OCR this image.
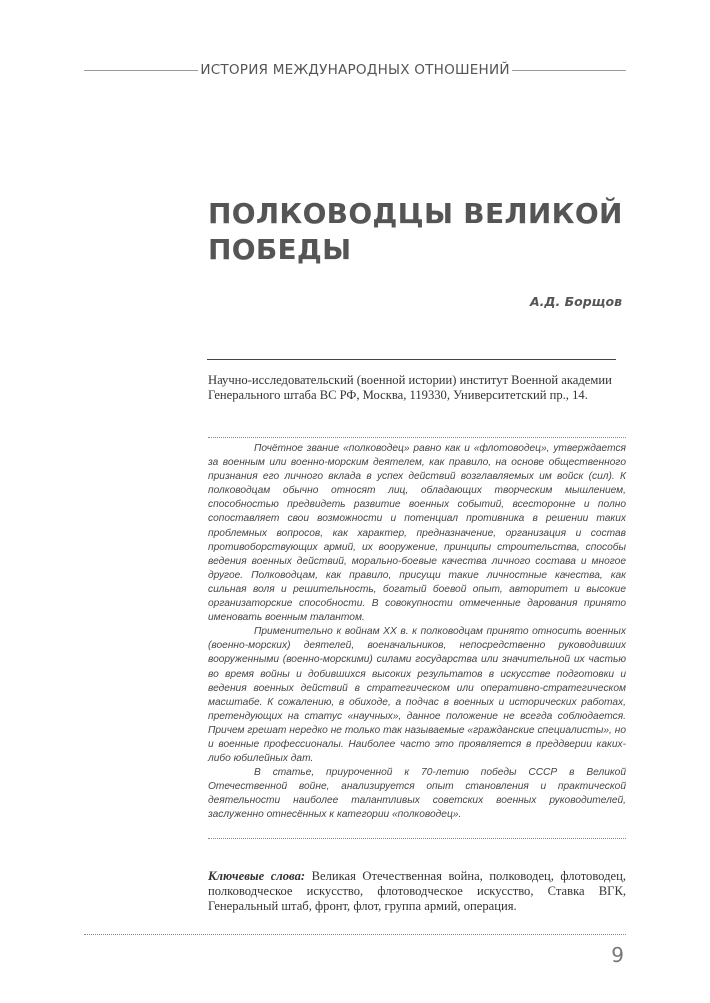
ИСТОРИЯ МЕЖДУНАРОДНЫХ ОТНОШЕНИЙ
ПОЛКОВОДЦЫ ВЕЛИКОЙ
ПОБЕДЫ
А.Д. Борщов
Научно-исследовательский (военной истории) институт Военной академии Генерального штаба ВС РФ, Москва, 119330, Университетский пр., 14.

Почётное звание «полководец» равно как и «флотоводец», утверждается за военным или военно-морским деятелем, как правило, на основе общественного признания его личного вклада в успех действий возглавляемых им войск (сил). К полководцам обычно относят лиц, обладающих творческим мышлением, способностью предвидеть развитие военных событий, всесторонне и полно сопоставляет свои возможности и потенциал противника в решении таких проблемных вопросов, как характер, предназначение, организация и состав противоборствующих армий, их вооружение, принципы строительства, способы ведения военных действий, морально-боевые качества личного состава и многое другое. Полководцам, как правило, присущи такие личностные качества, как сильная воля и решительность, богатый боевой опыт, авторитет и высокие организаторские способности. В совокупности отмеченные дарования принято именовать военным талантом.

Применительно к войнам XX в. к полководцам принято относить военных (военно-морских) деятелей, военачальников, непосредственно руководивших вооруженными (военно-морскими) силами государства или значительной их частью во время войны и добившихся высоких результатов в искусстве подготовки и ведения военных действий в стратегическом или оперативно-стратегическом масштабе. К сожалению, в обиходе, а подчас в военных и исторических работах, претендующих на статус «научных», данное положение не всегда соблюдается. Причем грешат нередко не только так называемые «гражданские специалисты», но и военные профессионалы. Наиболее часто это проявляется в преддверии каких-либо юбилейных дат.

В статье, приуроченной к 70-летию победы СССР в Великой Отечественной войне, анализируется опыт становления и практической деятельности наиболее талантливых советских военных руководителей, заслуженно отнесённых к категории «полководец».

Ключевые слова: Великая Отечественная война, полководец, флотоводец, полководческое искусство, флотоводческое искусство, Ставка ВГК, Генеральный штаб, фронт, флот, группа армий, операция.
9
